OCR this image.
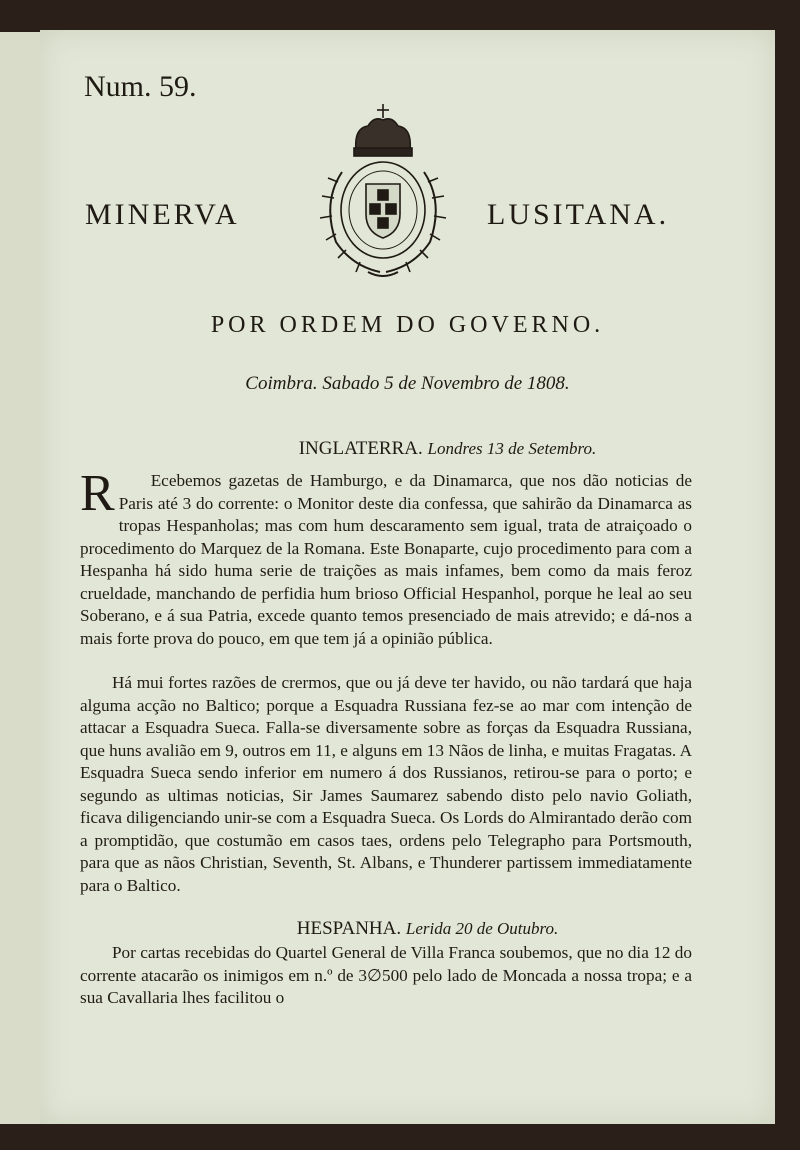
Num. 59.
MINERVA	LUSITANA.
POR ORDEM DO GOVERNO.
Coimbra. Sabado 5 de Novembro de 1808.
INGLATERRA. Londres 13 de Setembro.

R Ecebemos gazetas de Hamburgo, e da Dinamarca, que nos dão noticias de Paris até 3 do corrente: o Monitor deste dia confessa, que sahirão da Dinamarca as tropas Hespanholas; mas com hum descaramento sem igual, trata de atraiçoado o procedimento do Marquez de la Romana. Este Bonaparte, cujo procedimento para com a Hespanha há sido huma serie de traições as mais infames, bem como da mais feroz crueldade, manchando de perfidia hum brioso Official Hespanhol, porque he leal ao seu Soberano, e á sua Patria, excede quanto temos presenciado de mais atrevido; e dá-nos a mais forte prova do pouco, em que tem já a opinião pública.

Há mui fortes razões de crermos, que ou já deve ter havido, ou não tardará que haja alguma acção no Baltico; porque a Esquadra Russiana fez-se ao mar com intenção de attacar a Esquadra Sueca. Falla-se diversamente sobre as forças da Esquadra Russiana, que huns avalião em 9, outros em 11, e alguns em 13 Nãos de linha, e muitas Fragatas. A Esquadra Sueca sendo inferior em numero á dos Russianos, retirou-se para o porto; e segundo as ultimas noticias, Sir James Saumarez sabendo disto pelo navio Goliath, ficava diligenciando unir-se com a Esquadra Sueca. Os Lords do Almirantado derão com a promptidão, que costumão em casos taes, ordens pelo Telegrapho para Portsmouth, para que as nãos Christian, Seventh, St. Albans, e Thunderer partissem immediatamente para o Baltico.

HESPANHA. Lerida 20 de Outubro.

Por cartas recebidas do Quartel General de Villa Franca soubemos, que no dia 12 do corrente atacarão os inimigos em n.º de 3∅500 pelo lado de Moncada a nossa tropa; e a sua Cavallaria lhes facilitou o
